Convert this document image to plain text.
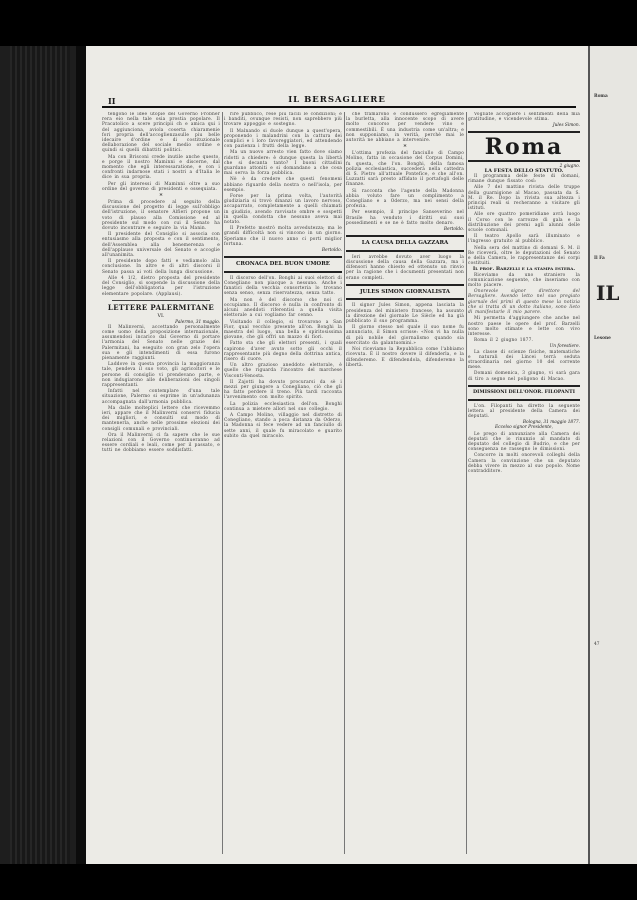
II	IL BERSAGLIERE

tengono le idee utopie del Governo Frobner rera eio nella tale osia prostia popolare. Il Pracatolico a scere principii ch e amica qui i del aggiunciona, aviola coserta chiaramenie fori propria dell'accoglienzasulle piu belle idecaire d'ordine e di costituzionale dellaborazione del sociale medio ordine e quindi si quelli dibattiti politici.

Ma con Brisconi crede inutile anche questo, e porge il nostro Maminni e discerne, dal momento che egli interessaratione, e con i confronti indarnose stati i nostri a d'Italia le dice in sua propria.

Per gli interessi di Maminni oltre a suo ordine del governo di presidenti e ossequiata.

*

Prima di procedere al seguito della discussione del progetto di legge sull'obbligo dell'istruzione, il senatore Alfieri propone un voto di plauso alla Comissione ed al presidente sul modo con cui il Senato ha dovuto incontrare e seguire la via Manin.

Il presidente del Consiglio si associa con entusiasmo alla proposta e con il sentimento, dell'Assemblea alla benemerenza e dell'applauso universale del Senato e accoglie all'unanimita.

Il presidente dopo fatti e vediamolo alla conclusione. In altre e di altri discorsi il Senato passa ai voti della lunga discussione.

Alle 4 1/2, dietro proposta del presidente del Consiglio, si sospende la discussione della legge dell'obbligatoria per l'istruzione elementare popolare. (Applausi).

LETTERE PALERMITANE
VI.
Palermo, 31 maggio.

Il Malinverni, accettando personalmente come uomo della proposizione internazionale, assumendosi incarico dal Governo di portare l'armonia del Senato nelle grazie dei Palermitani, ha eseguito con gran zelo l'opera sua e gli intendimenti di essa furono pienamente raggiunti.

Laddove in questa provincia la maggioranza tale, pendeva il suo voto, gli agricoltori e le persone di consiglio vi prendevano parte, e non indugiarono alle deliberazioni dei singoli rappresentanti.

Infatti nel contemplare d'una tale situazione, Palermo si esprime in un'adunanza accompagnata dall'armonia pubblica.

Ma dalle molteplici lettere che ricevemmo ieri, appare che il Malinverni conservi fiducia dei migliori, e consulti sul modo di mantenerla, anche nelle prossime elezioni dei consigli comunali e provinciali.

Ora il Malinverni ci fa sapere che le sue relazioni con il Governo continueranno ad essere cordiali e leali, come per il passato, e tutti ne dobbiamo essere soddisfatti.

rire pubblico, rese più facili le condizioni; e i banditi, ovunque resisti, non saprebbero più trovare appoggio e sostegno.

Il Malnando si duole dunque a quest'opera, proponendo i malandrini con la cattura dei complici e i loro favoreggiatori, ed attendendo con pazienza i frutti della legge.

Ma un nuovo arresto vien fatto dove siamo ridotti a chiedere: è dunque questa la libertà che si decanta tanto? I buoni cittadini guardano attoniti e si domandano a che cosa mai serva la forza pubblica.

Nè è da credere che questi fenomeni abbiano riguardo della nostra o nell'isola, per esempio.

Forse per la prima volta, l'autorità giudiziaria si trovò dinanzi un lavoro nervoso, accaparrato, completamente a quelli chiamati in giudizio, avendo ravvisato ombre e sospetti in quella condotta che nessuno aveva mai notato.

Il Prefetto mostrò molta avvedutezza; ma le grandi difficoltà non si vincono in un giorno. Speriamo che il nuovo anno ci porti miglior fortuna.

Bertoldo.
CRONACA DEL BUON UMORE

Il discorso dell'on. Bonghi ai suoi elettori di Conegliano non piacque a nessuno. Anche i fanatici della vecchia consorteria lo trovano senza senso, senza riservatezza, senza tatto.

Ma non è del discorso che noi ci occupiamo. Il discorso è nulla in confronto di alcuni aneddoti riferentisi a quella visita elettorale a cui vogliamo far cenno.

Visitando il collegio, si trovarono a San Fior, qual vecchio presente all'on. Bonghi la maestra del luogo, una bella e spiritosissima giovane, che gli offrì un mazzo di fiori.

Fatto sta che gli elettori presenti, i quali capirono d'aver avuto sotto gli occhi il rappresentante più degno della dottrina antica, risero di cuore.

Un altro grazioso aneddoto elettorale, è quello che riguarda l'incontro del marchese Visconti-Venosta.

Il Zajotti ha dovuto procurarsi da sè i mezzi per giungere a Conegliano, ciò che gli ha fatto perdere il treno. Più tardi racconta l'avvenimento con molto spirito.

La polizia ecclesiastica dell'on. Bonghi continua a mietere allori nel suo collegio.

A Campo Molino, villaggio nel distretto di Conegliano, stando a poca distanza da Oderzo, la Madonna si fece vedere ad un fanciullo di sette anni, il quale fu miracolato e guarito subito da quel miracolo.

che tramarono e condussero egregiamente la burletta, alla innocente scopo di avere molto concorso per vendere vino e commestibili. È una industria come un'altra; e non supponiamo, in verità, perchè mai le autorità ne abbiano a intervenire.

*

L'ottima profezia del fanciullo di Campo Molino, fatta in occasione del Corpus Domini, fu questa, che l'on. Bonghi, della famosa polizia ecclesiastica, succederà nella cattedra di S. Pietro all'attuale Pontefice, e che all'on. Luzzatti sarà presto affidato il portafogli delle finanze.

Si racconta che l'agente della Madonna abbia voluto fare un complimento a Conegliano e a Oderzo, ma nei sensi della profezia.

Per esempio, il principe Sanseverino nel Brasile ha venduto i diritti sui suoi possedimenti e se ne è fatto molto denaro.

Bertoldo.
LA CAUSA DELLA GAZZARA

Ieri avrebbe dovuto aver luogo la discussione della causa della Gazzara, ma i difensori hanno chiesto ed ottenuto un rinvio per la ragione che i documenti presentati non erano completi.

JULES SIMON GIORNALISTA

Il signor Jules Simon, appena lasciata la presidenza del ministero francese, ha assunto la direzione del giornale Le Siècle ed ha già pubblicato il suo programma.

Il giorno stesso nel quale il suo nome fu annunciato, il Simon scrisse: «Non vi ha nulla di più nobile del giornalismo quando sia esercitato da galantuomini.»

Noi riceviamo la Repubblica come l'abbiamo ricevuta. È il nostro dovere il difenderla, e la difenderemo. E difendendola, difenderemo la libertà.

Vogliate accogliere i sentimenti della mia gratitudine, e vicendevole stima.

Jules Simon.
Roma
2 giugno.
LA FESTA DELLO STATUTO.

Il programma delle feste di domani, rimane dunque fissato così:

Alle 7 del mattino rivista delle truppe della guarnigione al Macao, passata da S. M. il Re. Dopo la rivista sua altezza i principi reali si recheranno a visitare gli istituti.

Alle ore quattro pomeridiane avrà luogo il Corso con le carrozze di gala e la distribuzione dei premi agli alunni delle scuole comunali.

Il teatro Apollo sarà illuminato e l'ingresso gratuito al pubblico.

Nella sera del mattino di domani S. M. il Re riceverà, oltre le deputazioni del Senato e della Camera, le rappresentanze dei corpi costituiti.

Il prof. Barzelli e la stampa estera.

Riceviamo da uno straniero la comunicazione seguente, che inseriamo con molto piacere.

Onorevole signor direttore del Bersagliere. Avendo letto nel suo pregiato giornale dei primi di questo mese la notizia che si tratta di un dotto italiano, sono lieto di manifestarle il mio parere.

Mi permetta d'aggiungere che anche nel nostro paese le opere del prof. Barzelli sono molto stimate e lette con vivo interesse.

Roma il 2 giugno 1877.

Un forestiere.

La classe di scienze fisiche, matematiche e naturali dei Lincei terrà seduta straordinaria nel giorno 10 del corrente mese.

Domani domenica, 3 giugno, vi sarà gara di tiro a segno nel poligono di Macao.

DIMISSIONI DELL'ONOR. FILOPANTI

L'on. Filopanti ha diretto la seguente lettera al presidente della Camera dei deputati.

Bologna, 31 maggio 1877.

Eccelso signor Presidente,

Le prego di annunziare alla Camera dei deputati che io rinunzio al mandato di deputato del collegio di Budrio, e che per conseguenza ne rassegno le dimissioni.

Concorre in molti onorevoli colleghi della Camera la convinzione che un deputato debba vivere in mezzo al suo popolo. Nome contradditore.

IL
Il Fa
Lesone
Roma
47
